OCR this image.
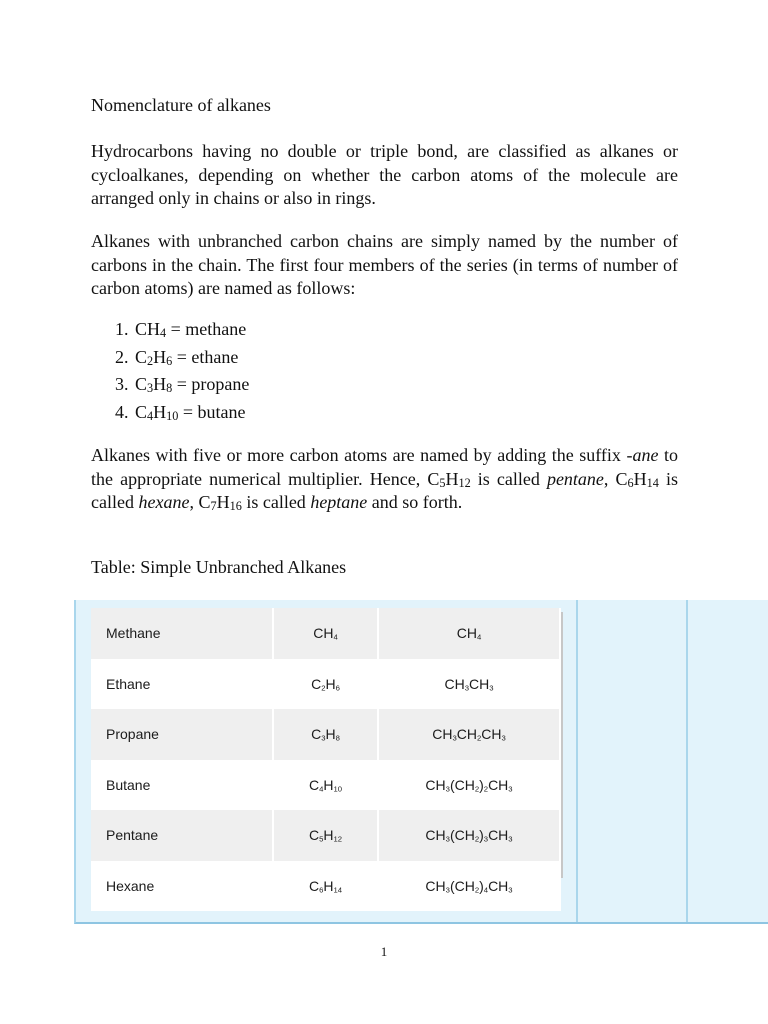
Nomenclature of alkanes

Hydrocarbons having no double or triple bond, are classified as alkanes or cycloalkanes, depending on whether the carbon atoms of the molecule are arranged only in chains or also in rings.

Alkanes with unbranched carbon chains are simply named by the number of carbons in the chain. The first four members of the series (in terms of number of carbon atoms) are named as follows:

1. $CH_4$ = methane
2. $C_2H_6$ = ethane
3. $C_3H_8$ = propane
4. $C_4H_{10} = butane$

Alkanes with five or more carbon atoms are named by adding the suffix -ane to the appropriate numerical multiplier. Hence, $C_5H_{12}$ is called pentane, $C_6H_{14}$ is called hexane, $C_7H_{16}$ is called heptane and so forth.

Table: Simple Unbranched Alkanes

Methane	$CH_4$	$CH_4$
Ethane	$C_2H_6$	$CH_3CH_3$
Propane	$C_3H_8$	$CH_3CH_2CH_3$
Butane	$C_4H_{10}$	$CH_3(CH_2)_2CH_3$
Pentane	$C_5H_{12}$	$CH_3(CH_2)_3CH_3$
Hexane	$C_6H_{14}$	$CH_3(CH_2)_4CH_3$

1
